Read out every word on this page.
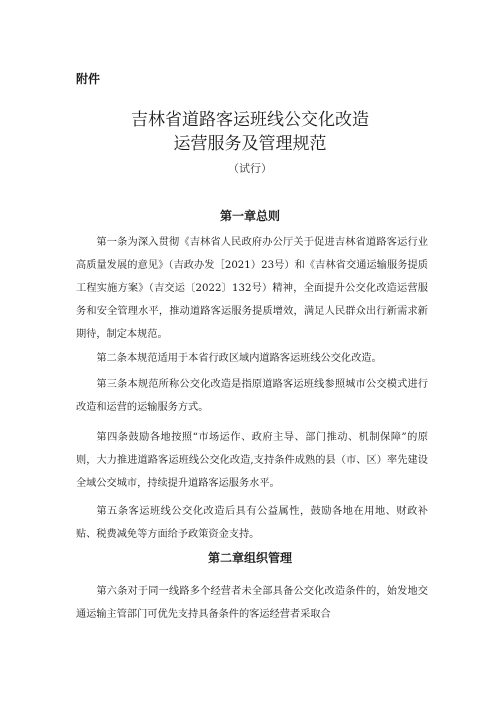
附件
吉林省道路客运班线公交化改造
运营服务及管理规范
（试行）
第一章总则

第一条为深入贯彻《吉林省人民政府办公厅关于促进吉林省道路客运行业高质量发展的意见》（吉政办发［2021）23号）和《吉林省交通运输服务提质工程实施方案》（吉交运〔2022〕132号）精神，全面提升公交化改造运营服务和安全管理水平，推动道路客运服务提质增效，满足人民群众出行新需求新期待，制定本规范。

第二条本规范适用于本省行政区域内道路客运班线公交化改造。

第三条本规范所称公交化改造是指原道路客运班线参照城市公交模式进行改造和运营的运输服务方式。

第四条鼓励各地按照“市场运作、政府主导、部门推动、机制保障”的原则，大力推进道路客运班线公交化改造,支持条件成熟的县（市、区）率先建设全域公交城市，持续提升道路客运服务水平。

第五条客运班线公交化改造后具有公益属性，鼓励各地在用地、财政补贴、税费减免等方面给予政策资金支持。

第二章组织管理

第六条对于同一线路多个经营者未全部具备公交化改造条件的，始发地交通运输主管部门可优先支持具备条件的客运经营者采取合
